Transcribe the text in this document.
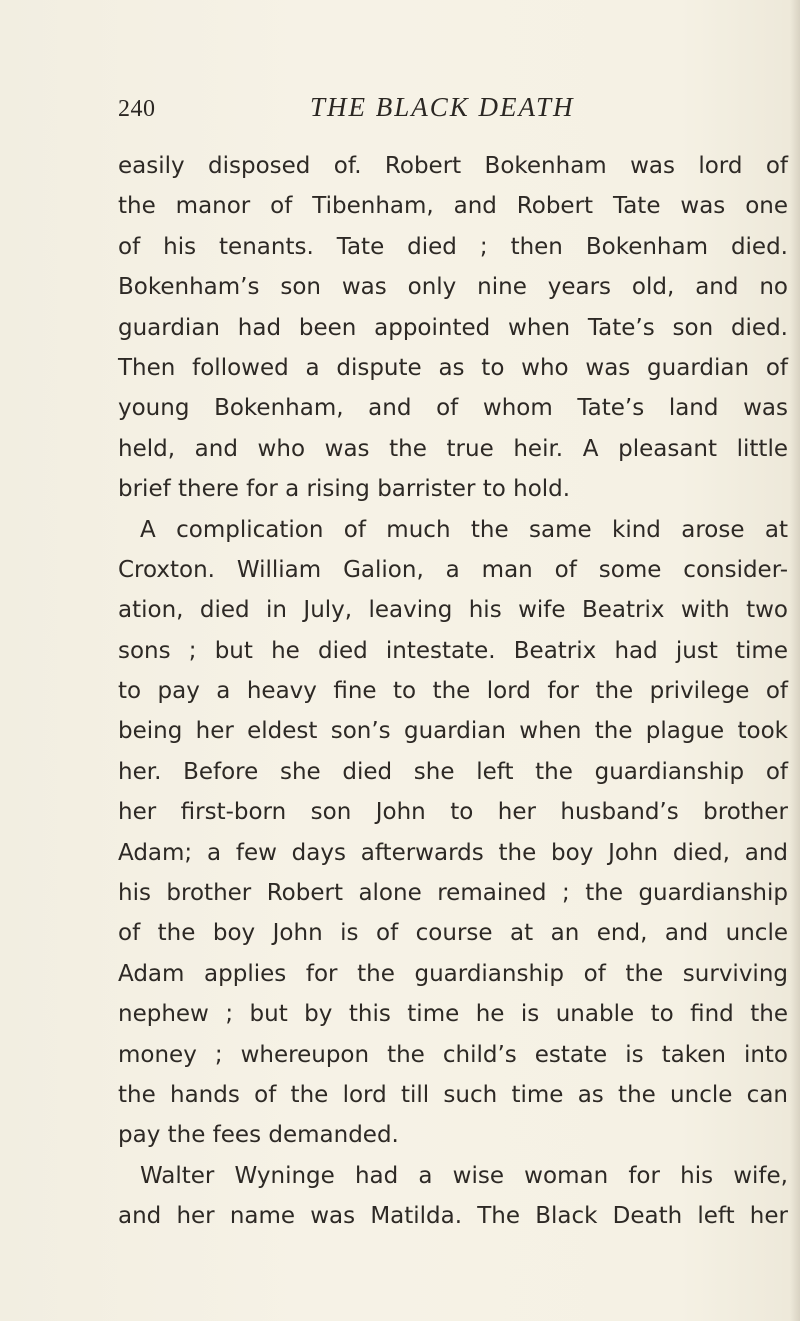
240	THE BLACK DEATH
easily disposed of. Robert Bokenham was lord of
the manor of Tibenham, and Robert Tate was one
of his tenants. Tate died ; then Bokenham died.
Bokenham’s son was only nine years old, and no
guardian had been appointed when Tate’s son died.
Then followed a dispute as to who was guardian of
young Bokenham, and of whom Tate’s land was
held, and who was the true heir. A pleasant little
brief there for a rising barrister to hold.
A complication of much the same kind arose at
Croxton. William Galion, a man of some consider-
ation, died in July, leaving his wife Beatrix with two
sons ; but he died intestate. Beatrix had just time
to pay a heavy fine to the lord for the privilege of
being her eldest son’s guardian when the plague took
her. Before she died she left the guardianship of
her first-born son John to her husband’s brother
Adam; a few days afterwards the boy John died, and
his brother Robert alone remained ; the guardianship
of the boy John is of course at an end, and uncle
Adam applies for the guardianship of the surviving
nephew ; but by this time he is unable to find the
money ; whereupon the child’s estate is taken into
the hands of the lord till such time as the uncle can
pay the fees demanded.
Walter Wyninge had a wise woman for his wife,
and her name was Matilda. The Black Death left her
